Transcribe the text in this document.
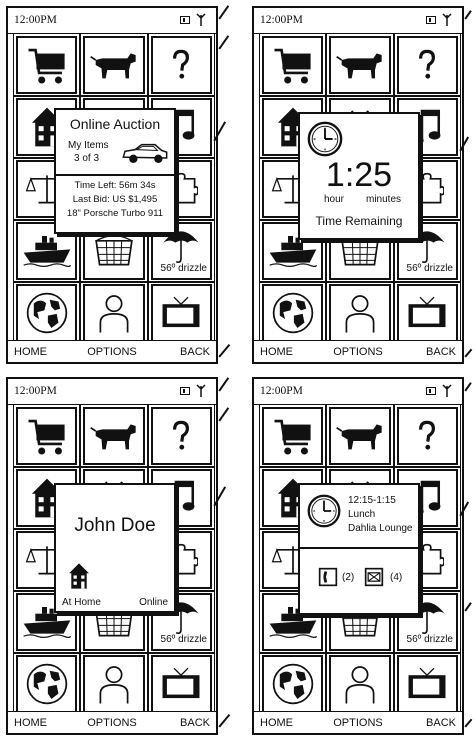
12:00PM
56º drizzle
Online Auction
My Items
3 of 3
Time Left: 56m 34s
Last Bid: US $1,495
18" Porsche Turbo 911
HOME	OPTIONS	BACK
12:00PM
56º drizzle
1:25
hour minutes
Time Remaining
HOME	OPTIONS	BACK
12:00PM
56º drizzle
John Doe
At Home	Online
HOME	OPTIONS	BACK
12:00PM
56º drizzle
12:15-1:15
Lunch
Dahlia Lounge
(2)	(4)
HOME	OPTIONS	BACK
